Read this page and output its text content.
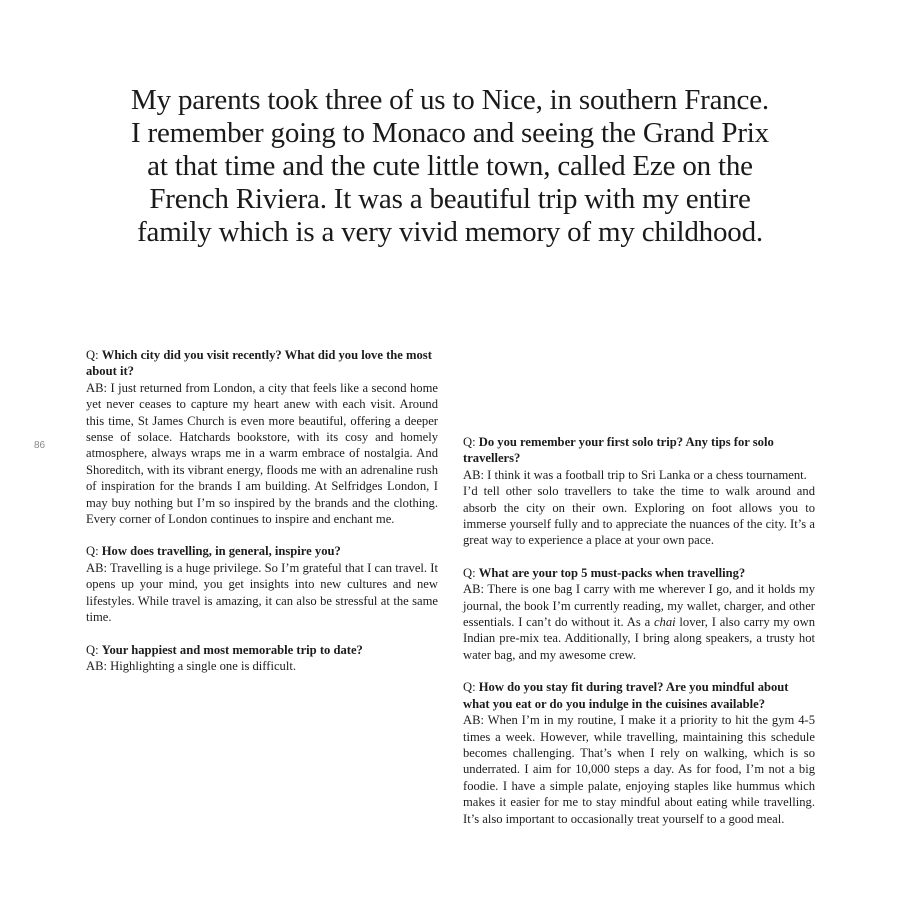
My parents took three of us to Nice, in southern France. I remember going to Monaco and seeing the Grand Prix at that time and the cute little town, called Eze on the French Riviera. It was a beautiful trip with my entire family which is a very vivid memory of my childhood.
86

Q: Which city did you visit recently? What did you love the most about it?

AB: I just returned from London, a city that feels like a second home yet never ceases to capture my heart anew with each visit. Around this time, St James Church is even more beautiful, offering a deeper sense of solace. Hatchards bookstore, with its cosy and homely atmosphere, always wraps me in a warm embrace of nostalgia. And Shoreditch, with its vibrant energy, floods me with an adrenaline rush of inspiration for the brands I am building. At Selfridges London, I may buy nothing but I’m so inspired by the brands and the clothing. Every corner of London continues to inspire and enchant me.

Q: How does travelling, in general, inspire you?

AB: Travelling is a huge privilege. So I’m grateful that I can travel. It opens up your mind, you get insights into new cultures and new lifestyles. While travel is amazing, it can also be stressful at the same time.

Q: Your happiest and most memorable trip to date?

AB: Highlighting a single one is difficult.

Q: Do you remember your first solo trip? Any tips for solo travellers?

AB: I think it was a football trip to Sri Lanka or a chess tournament.

I’d tell other solo travellers to take the time to walk around and absorb the city on their own. Exploring on foot allows you to immerse yourself fully and to appreciate the nuances of the city. It’s a great way to experience a place at your own pace.

Q: What are your top 5 must-packs when travelling?

AB: There is one bag I carry with me wherever I go, and it holds my journal, the book I’m currently reading, my wallet, charger, and other essentials. I can’t do without it. As a chai lover, I also carry my own Indian pre-mix tea. Additionally, I bring along speakers, a trusty hot water bag, and my awesome crew.

Q: How do you stay fit during travel? Are you mindful about what you eat or do you indulge in the cuisines available?

AB: When I’m in my routine, I make it a priority to hit the gym 4-5 times a week. However, while travelling, maintaining this schedule becomes challenging. That’s when I rely on walking, which is so underrated. I aim for 10,000 steps a day. As for food, I’m not a big foodie. I have a simple palate, enjoying staples like hummus which makes it easier for me to stay mindful about eating while travelling. It’s also important to occasionally treat yourself to a good meal.
